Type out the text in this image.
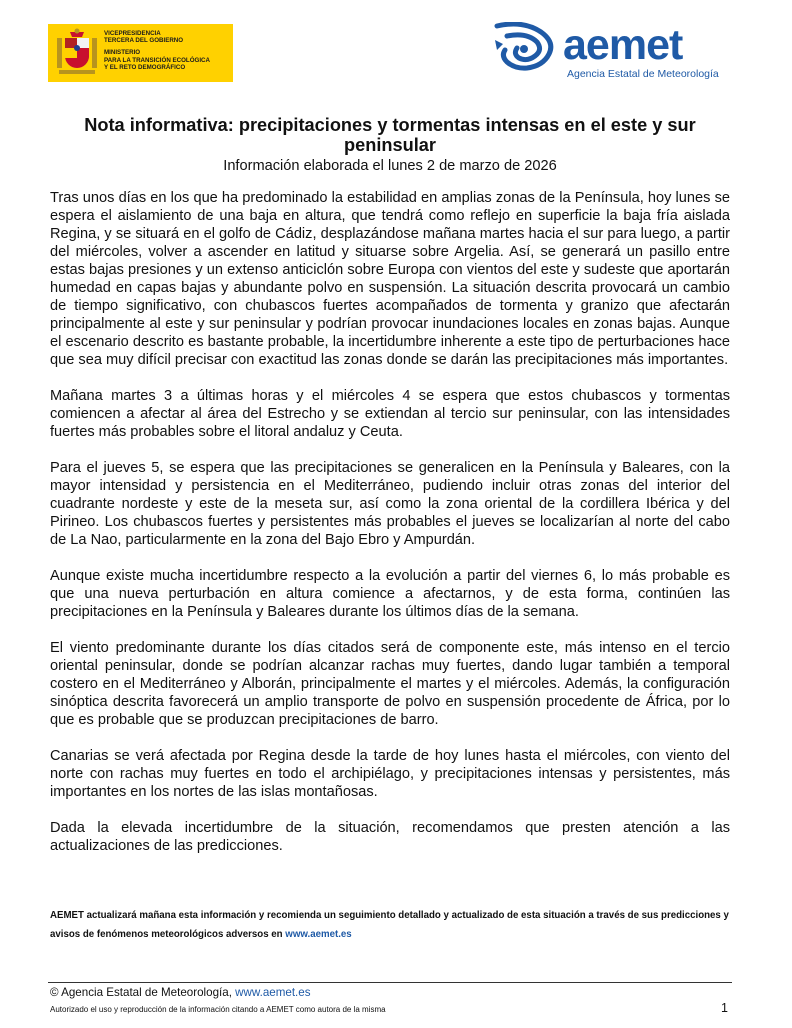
VICEPRESIDENCIA
TERCERA DEL GOBIERNO
MINISTERIO
PARA LA TRANSICIÓN ECOLÓGICA
Y EL RETO DEMOGRÁFICO	aemet
Agencia Estatal de Meteorología
Nota informativa: precipitaciones y tormentas intensas en el este y sur peninsular
Información elaborada el lunes 2 de marzo de 2026

Tras unos días en los que ha predominado la estabilidad en amplias zonas de la Península, hoy lunes se espera el aislamiento de una baja en altura, que tendrá como reflejo en superficie la baja fría aislada Regina, y se situará en el golfo de Cádiz, desplazándose mañana martes hacia el sur para luego, a partir del miércoles, volver a ascender en latitud y situarse sobre Argelia. Así, se generará un pasillo entre estas bajas presiones y un extenso anticiclón sobre Europa con vientos del este y sudeste que aportarán humedad en capas bajas y abundante polvo en suspensión. La situación descrita provocará un cambio de tiempo significativo, con chubascos fuertes acompañados de tormenta y granizo que afectarán principalmente al este y sur peninsular y podrían provocar inundaciones locales en zonas bajas. Aunque el escenario descrito es bastante probable, la incertidumbre inherente a este tipo de perturbaciones hace que sea muy difícil precisar con exactitud las zonas donde se darán las precipitaciones más importantes.

Mañana martes 3 a últimas horas y el miércoles 4 se espera que estos chubascos y tormentas comiencen a afectar al área del Estrecho y se extiendan al tercio sur peninsular, con las intensidades fuertes más probables sobre el litoral andaluz y Ceuta.

Para el jueves 5, se espera que las precipitaciones se generalicen en la Península y Baleares, con la mayor intensidad y persistencia en el Mediterráneo, pudiendo incluir otras zonas del interior del cuadrante nordeste y este de la meseta sur, así como la zona oriental de la cordillera Ibérica y del Pirineo. Los chubascos fuertes y persistentes más probables el jueves se localizarían al norte del cabo de La Nao, particularmente en la zona del Bajo Ebro y Ampurdán.

Aunque existe mucha incertidumbre respecto a la evolución a partir del viernes 6, lo más probable es que una nueva perturbación en altura comience a afectarnos, y de esta forma, continúen las precipitaciones en la Península y Baleares durante los últimos días de la semana.

El viento predominante durante los días citados será de componente este, más intenso en el tercio oriental peninsular, donde se podrían alcanzar rachas muy fuertes, dando lugar también a temporal costero en el Mediterráneo y Alborán, principalmente el martes y el miércoles. Además, la configuración sinóptica descrita favorecerá un amplio transporte de polvo en suspensión procedente de África, por lo que es probable que se produzcan precipitaciones de barro.

Canarias se verá afectada por Regina desde la tarde de hoy lunes hasta el miércoles, con viento del norte con rachas muy fuertes en todo el archipiélago, y precipitaciones intensas y persistentes, más importantes en los nortes de las islas montañosas.

Dada la elevada incertidumbre de la situación, recomendamos que presten atención a las actualizaciones de las predicciones.

AEMET actualizará mañana esta información y recomienda un seguimiento detallado y actualizado de esta situación a través de sus predicciones y avisos de fenómenos meteorológicos adversos en www.aemet.es
© Agencia Estatal de Meteorología, www.aemet.es
Autorizado el uso y reproducción de la información citando a AEMET como autora de la misma	1
